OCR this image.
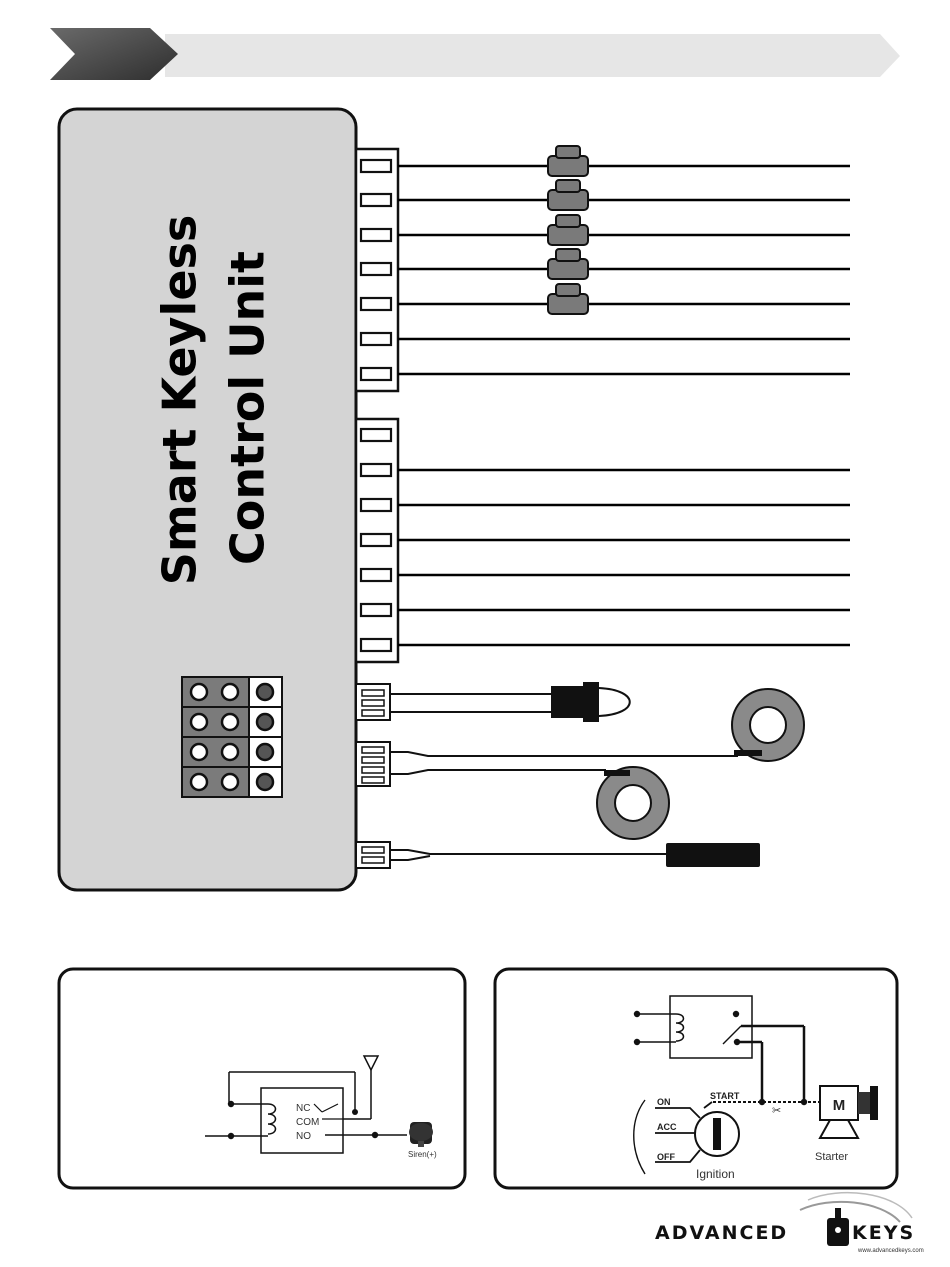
Smart Keyless Control Unit
NC
COM
NO
Siren(+)
✂
ON
ACC
OFF
START
Ignition
M
Starter
ADVANCED	KEYS
www.advancedkeys.com
